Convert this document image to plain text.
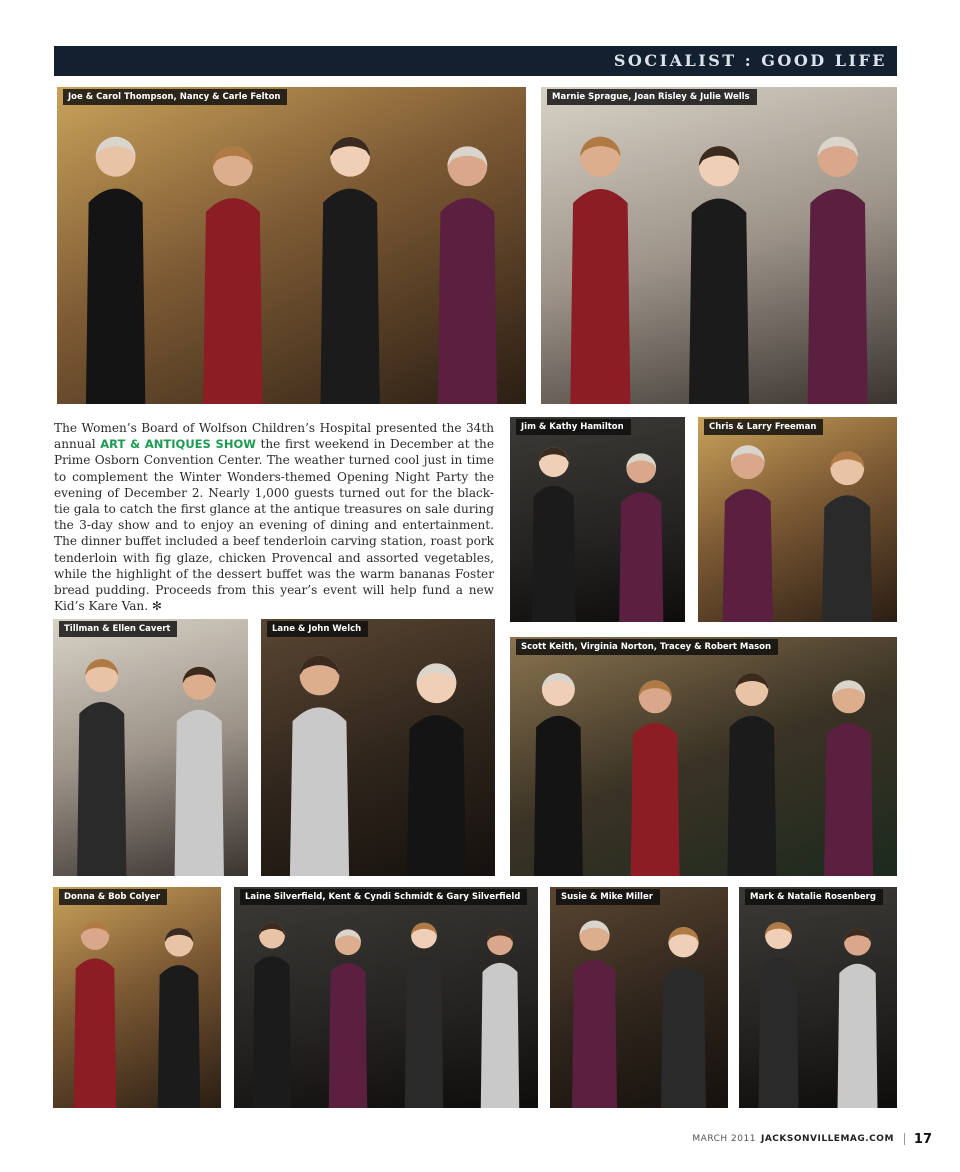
SOCIALIST : GOOD LIFE
Joe & Carol Thompson, Nancy & Carle Felton	Marnie Sprague, Joan Risley & Julie Wells

The Women’s Board of Wolfson Children’s Hospital presented the 34th annual ART & ANTIQUES SHOW the first weekend in December at the Prime Osborn Convention Center. The weather turned cool just in time to complement the Winter Wonders-themed Opening Night Party the evening of December 2. Nearly 1,000 guests turned out for the black-tie gala to catch the first glance at the antique treasures on sale during the 3-day show and to enjoy an evening of dining and entertainment. The dinner buffet included a beef tenderloin carving station, roast pork tenderloin with fig glaze, chicken Provencal and assorted vegetables, while the highlight of the dessert buffet was the warm bananas Foster bread pudding. Proceeds from this year’s event will help fund a new Kid’s Kare Van. ✻

Jim & Kathy Hamilton	Chris & Larry Freeman
Tillman & Ellen Cavert	Lane & John Welch
Scott Keith, Virginia Norton, Tracey & Robert Mason
Donna & Bob Colyer	Laine Silverfield, Kent & Cyndi Schmidt & Gary Silverfield	Susie & Mike Miller	Mark & Natalie Rosenberg
MARCH 2011 JACKSONVILLEMAG.COM 17
